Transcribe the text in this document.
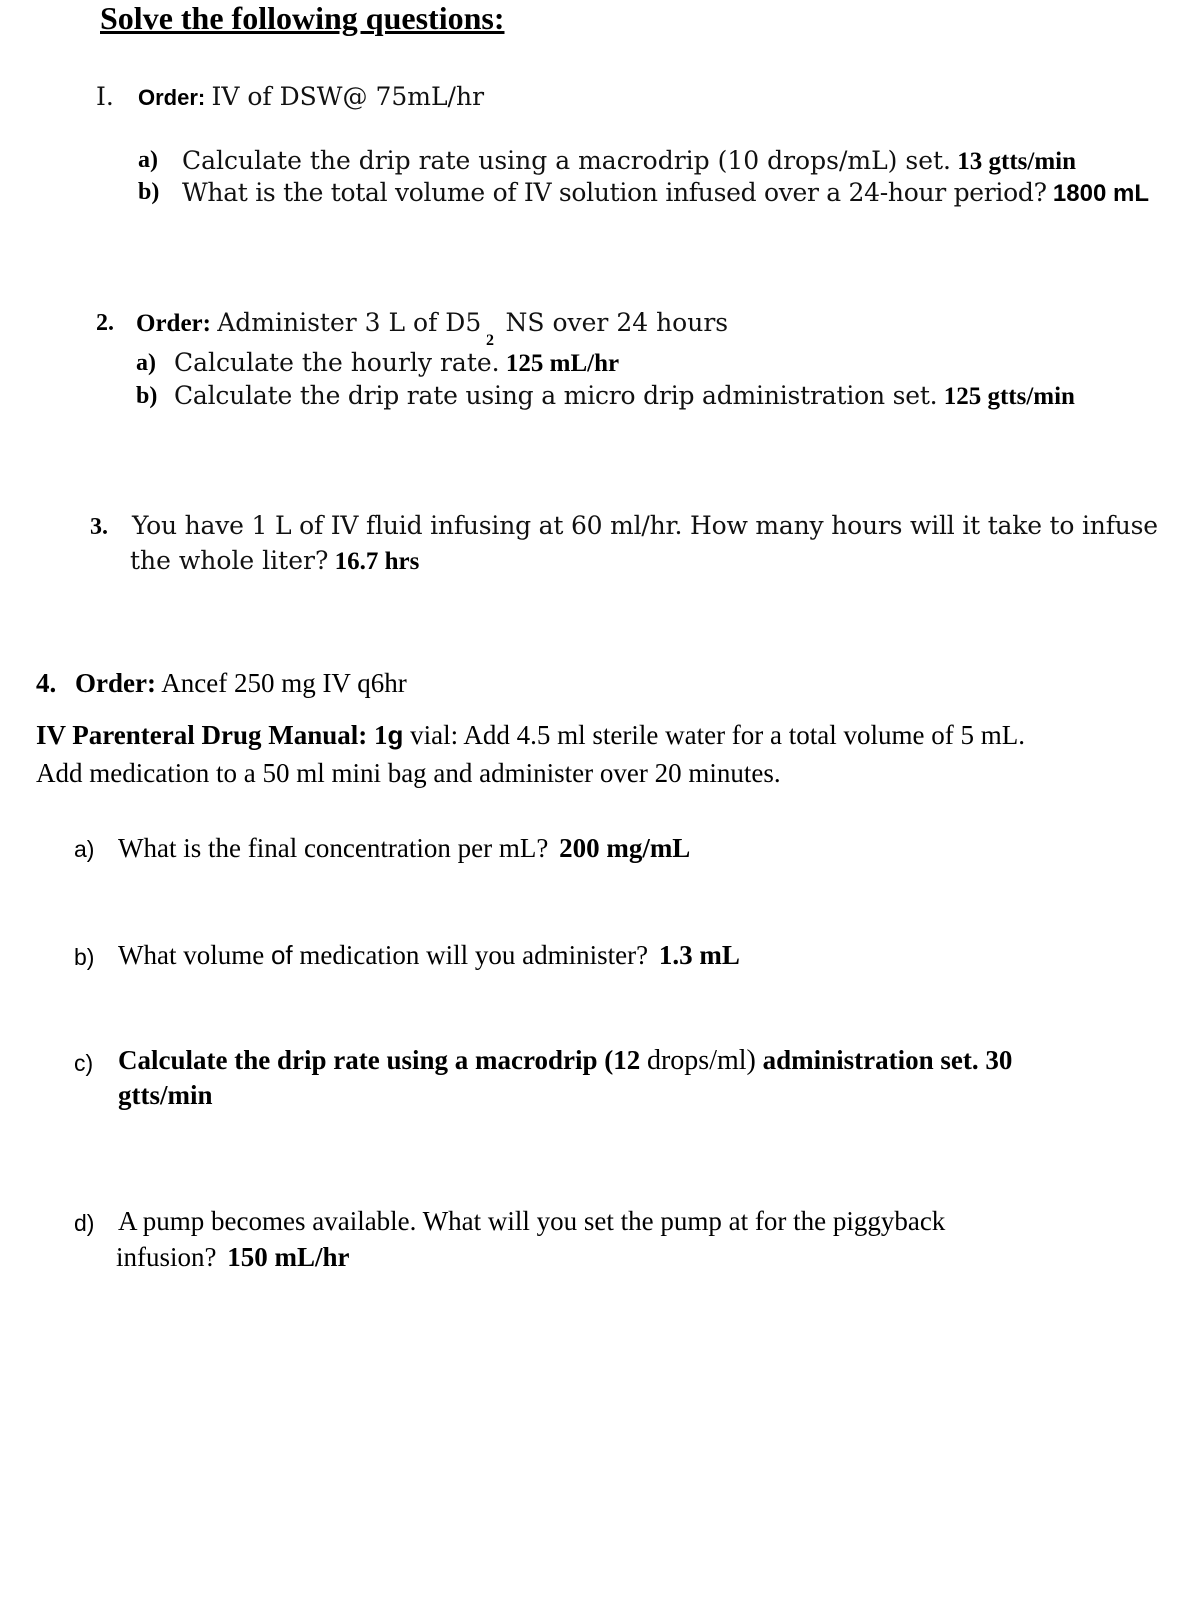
Solve the following questions:
I. Order: IV of DSW@ 75mL/hr
a) Calculate the drip rate using a macrodrip (10 drops/mL) set. 13 gtts/min
b) What is the total volume of IV solution infused over a 24-hour period? 1800 mL
2. Order: Administer 3 L of D5 NS over 24 hours
2
a) Calculate the hourly rate. 125 mL/hr
b) Calculate the drip rate using a micro drip administration set. 125 gtts/min
3. You have 1 L of IV fluid infusing at 60 ml/hr. How many hours will it take to infuse
the whole liter? 16.7 hrs
4. Order: Ancef 250 mg IV q6hr
IV Parenteral Drug Manual: 1g vial: Add 4.5 ml sterile water for a total volume of 5 mL.
Add medication to a 50 ml mini bag and administer over 20 minutes.
a) What is the final concentration per mL? 200 mg/mL
b) What volume of medication will you administer? 1.3 mL
c) Calculate the drip rate using a macrodrip (12 drops/ml) administration set. 30
gtts/min
d) A pump becomes available. What will you set the pump at for the piggyback
infusion? 150 mL/hr
